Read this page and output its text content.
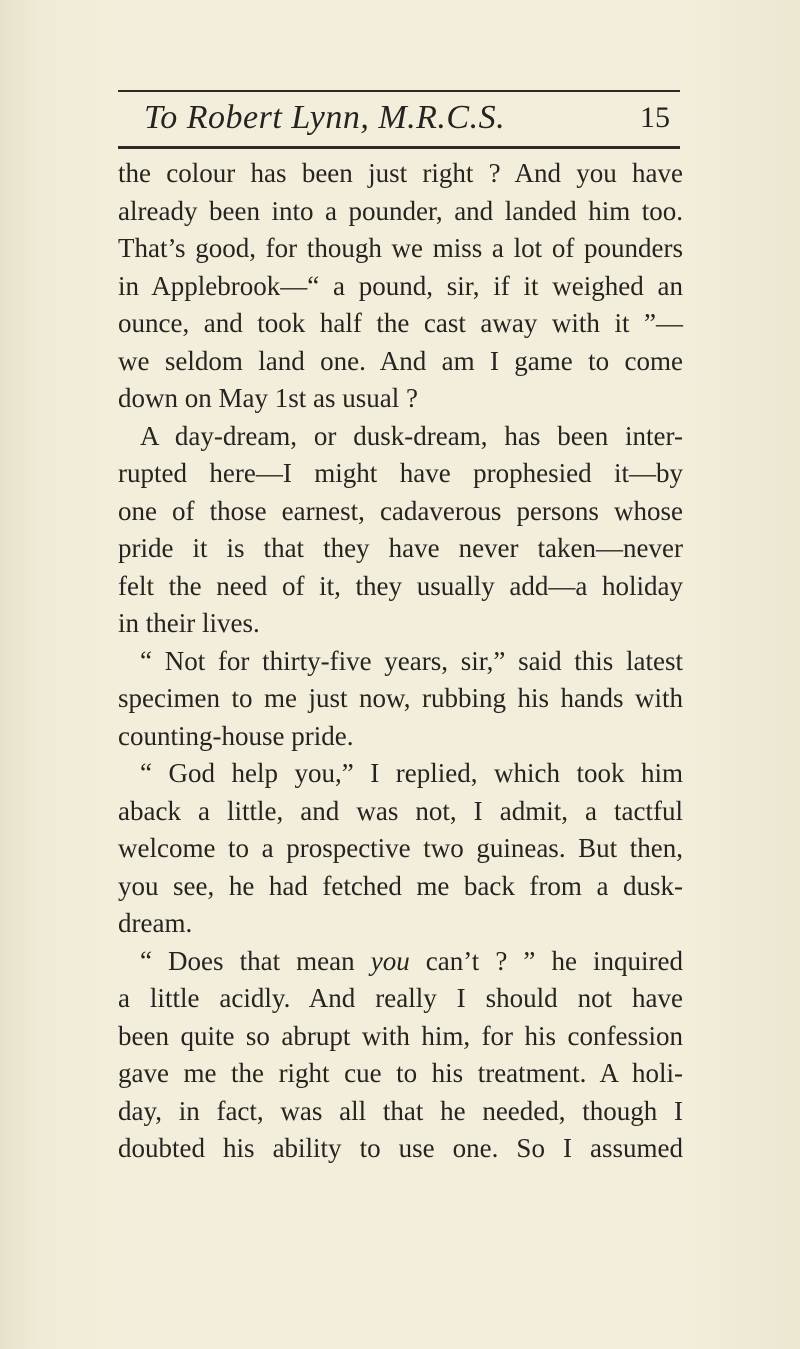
To Robert Lynn, M.R.C.S.	15
the colour has been just right ? And you have
already been into a pounder, and landed him too.
That’s good, for though we miss a lot of pounders
in Applebrook—“ a pound, sir, if it weighed an
ounce, and took half the cast away with it ”—
we seldom land one. And am I game to come
down on May 1st as usual ?
A day-dream, or dusk-dream, has been inter-
rupted here—I might have prophesied it—by
one of those earnest, cadaverous persons whose
pride it is that they have never taken—never
felt the need of it, they usually add—a holiday
in their lives.
“ Not for thirty-five years, sir,” said this latest
specimen to me just now, rubbing his hands with
counting-house pride.
“ God help you,” I replied, which took him
aback a little, and was not, I admit, a tactful
welcome to a prospective two guineas. But then,
you see, he had fetched me back from a dusk-
dream.
“ Does that mean you can’t ? ” he inquired
a little acidly. And really I should not have
been quite so abrupt with him, for his confession
gave me the right cue to his treatment. A holi-
day, in fact, was all that he needed, though I
doubted his ability to use one. So I assumed
